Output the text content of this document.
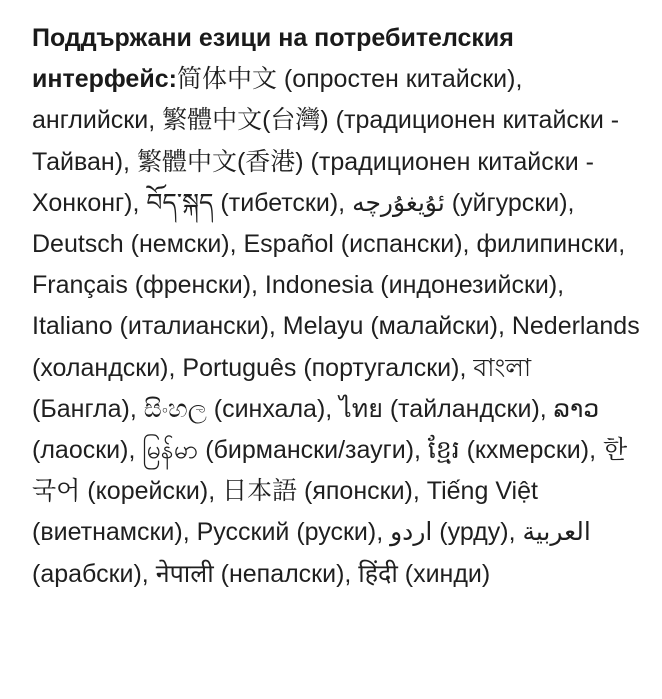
Поддържани езици на потребителския интерфейс:简体中文 (опростен китайски), английски, 繁體中文(台灣) (традиционен китайски - Тайван), 繁體中文(香港) (традиционен китайски - Хонконг), བོད་སྐད (тибетски), ئۇيغۇرچە (уйгурски), Deutsch (немски), Español (испански), филипински, Français (френски), Indonesia (индонезийски), Italiano (италиански), Melayu (малайски), Nederlands (холандски), Português (португалски), বাংলা (Бангла), සිංහල (синхала), ไทย (тайландски), ລາວ (лаоски), မြန်မာ (бирмански/зауги), ខ្មែរ (кхмерски), 한국어 (корейски), 日本語 (японски), Tiếng Việt (виетнамски), Русский (руски), اردو (урду), العربية (арабски), नेपाली (непалски), हिंदी (хинди)
